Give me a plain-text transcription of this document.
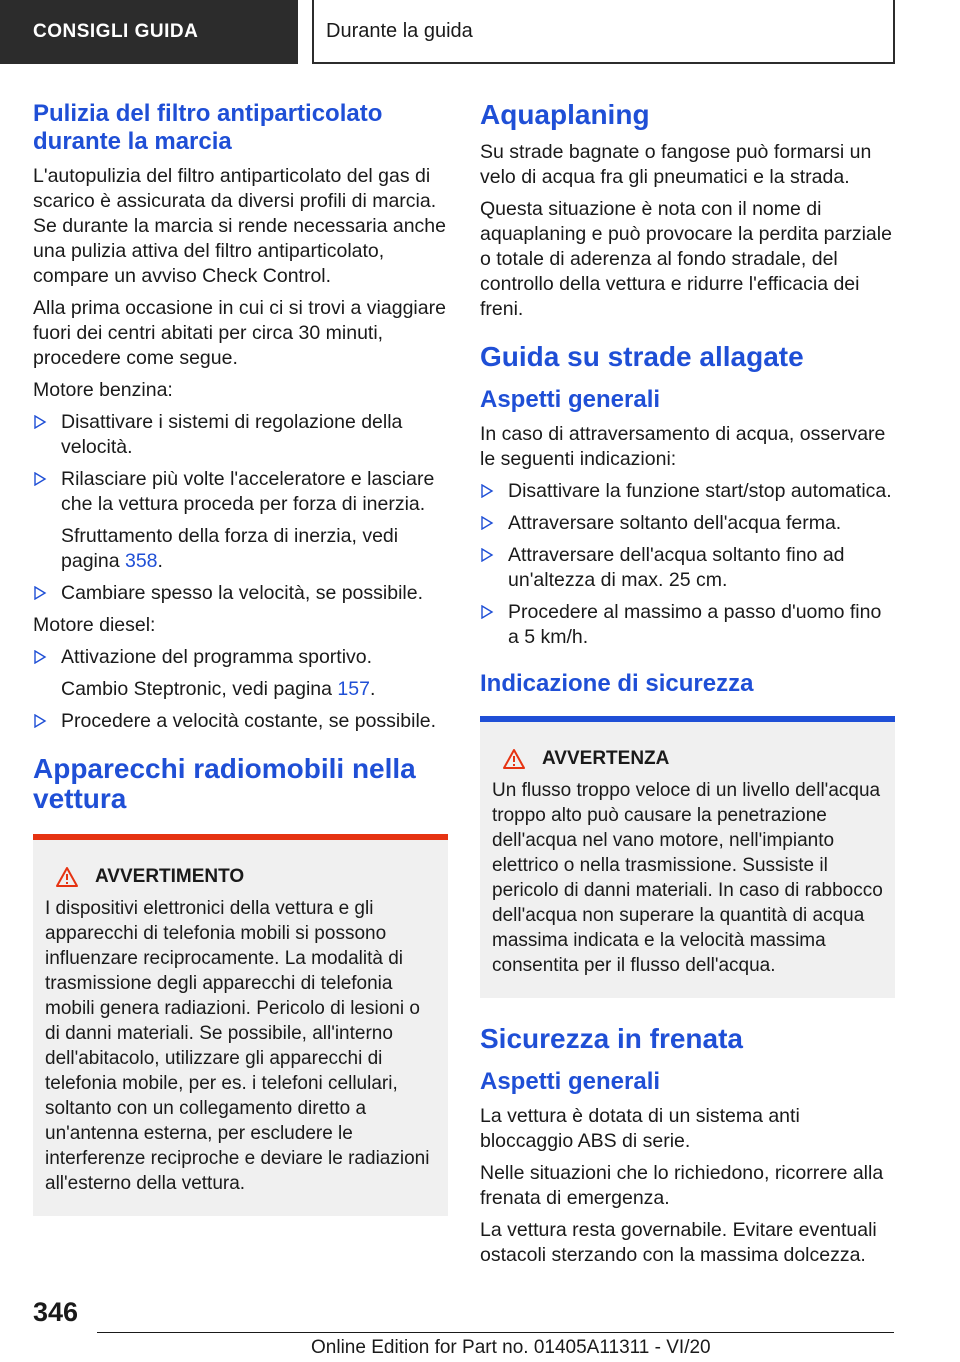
CONSIGLI GUIDA	Durante la guida
Pulizia del filtro antiparticolato durante la marcia

L'autopulizia del filtro antiparticolato del gas di scarico è assicurata da diversi profili di marcia. Se durante la marcia si rende necessaria anche una pulizia attiva del filtro antiparticolato, compare un avviso Check Control.

Alla prima occasione in cui ci si trovi a viaggiare fuori dei centri abitati per circa 30 minuti, procedere come segue.

Motore benzina:

Disattivare i sistemi di regolazione della velocità.
Rilasciare più volte l'acceleratore e lasciare che la vettura proceda per forza di inerzia.
Sfruttamento della forza di inerzia, vedi pagina 358.
Cambiare spesso la velocità, se possibile.

Motore diesel:

Attivazione del programma sportivo.
Cambio Steptronic, vedi pagina 157.
Procedere a velocità costante, se possibile.
Apparecchi radiomobili nella vettura
AVVERTIMENTO

I dispositivi elettronici della vettura e gli apparecchi di telefonia mobili si possono influenzare reciprocamente. La modalità di trasmissione degli apparecchi di telefonia mobili genera radiazioni. Pericolo di lesioni o di danni materiali. Se possibile, all'interno dell'abitacolo, utilizzare gli apparecchi di telefonia mobile, per es. i telefoni cellulari, soltanto con un collegamento diretto a un'antenna esterna, per escludere le interferenze reciproche e deviare le radiazioni all'esterno della vettura.

Aquaplaning

Su strade bagnate o fangose può formarsi un velo di acqua fra gli pneumatici e la strada.

Questa situazione è nota con il nome di aquaplaning e può provocare la perdita parziale o totale di aderenza al fondo stradale, del controllo della vettura e ridurre l'efficacia dei freni.

Guida su strade allagate
Aspetti generali

In caso di attraversamento di acqua, osservare le seguenti indicazioni:

Disattivare la funzione start/stop automatica.
Attraversare soltanto dell'acqua ferma.
Attraversare dell'acqua soltanto fino ad un'altezza di max. 25 cm.
Procedere al massimo a passo d'uomo fino a 5 km/h.
Indicazione di sicurezza
AVVERTENZA

Un flusso troppo veloce di un livello dell'acqua troppo alto può causare la penetrazione dell'acqua nel vano motore, nell'impianto elettrico o nella trasmissione. Sussiste il pericolo di danni materiali. In caso di rabbocco dell'acqua non superare la quantità di acqua massima indicata e la velocità massima consentita per il flusso dell'acqua.

Sicurezza in frenata
Aspetti generali

La vettura è dotata di un sistema anti bloccaggio ABS di serie.

Nelle situazioni che lo richiedono, ricorrere alla frenata di emergenza.

La vettura resta governabile. Evitare eventuali ostacoli sterzando con la massima dolcezza.

346
Online Edition for Part no. 01405A11311 - VI/20
